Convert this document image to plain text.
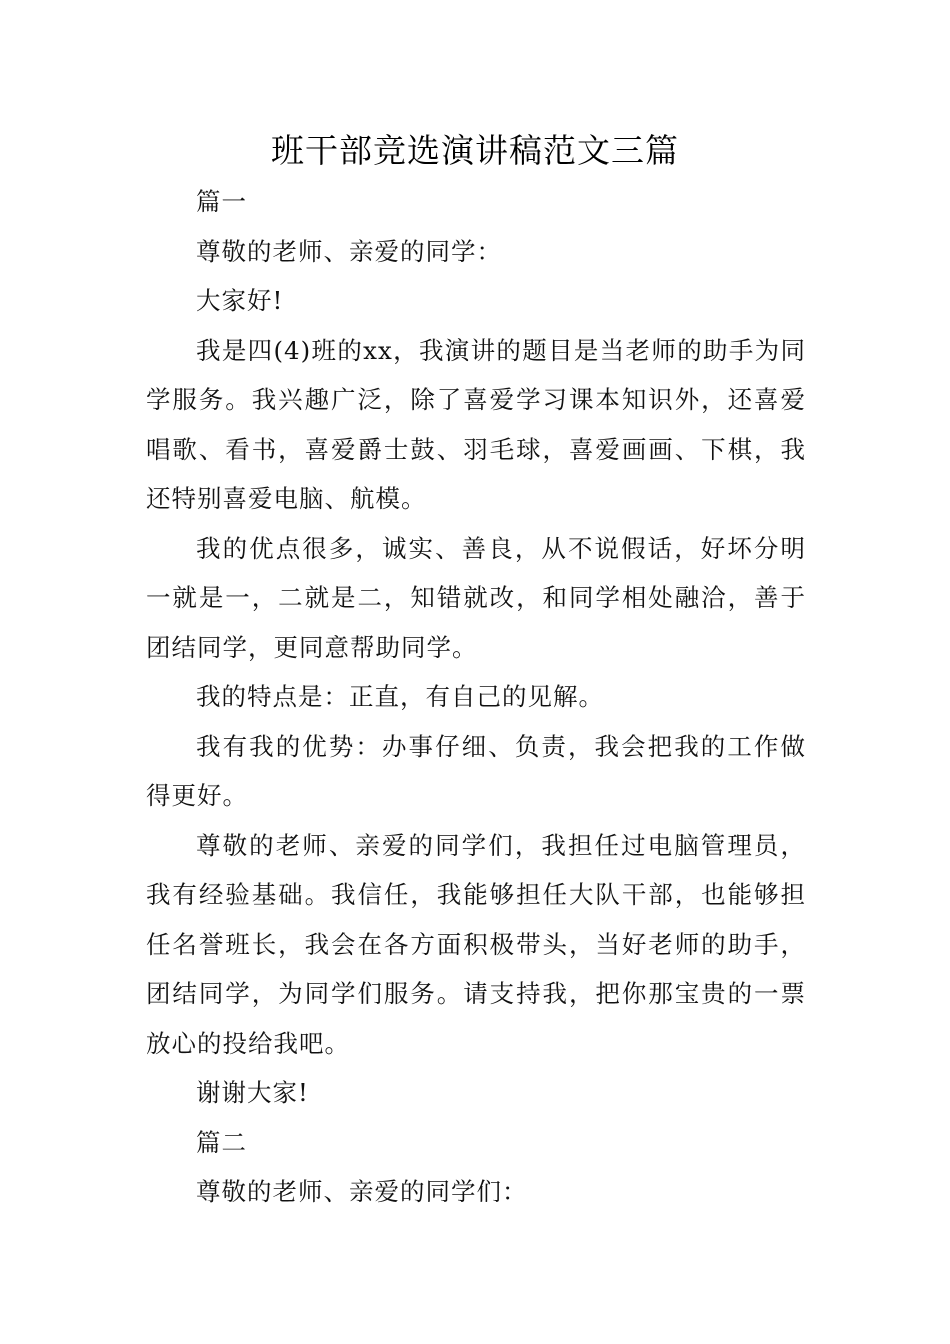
班干部竞选演讲稿范文三篇

篇一

尊敬的老师、亲爱的同学：

大家好!

我是四(4)班的xx，我演讲的题目是当老师的助手为同学服务。我兴趣广泛，除了喜爱学习课本知识外，还喜爱唱歌、看书，喜爱爵士鼓、羽毛球，喜爱画画、下棋，我还特别喜爱电脑、航模。

我的优点很多，诚实、善良，从不说假话，好坏分明一就是一，二就是二，知错就改，和同学相处融洽，善于团结同学，更同意帮助同学。

我的特点是：正直，有自己的见解。

我有我的优势：办事仔细、负责，我会把我的工作做得更好。

尊敬的老师、亲爱的同学们，我担任过电脑管理员，我有经验基础。我信任，我能够担任大队干部，也能够担任名誉班长，我会在各方面积极带头，当好老师的助手，团结同学，为同学们服务。请支持我，把你那宝贵的一票放心的投给我吧。

谢谢大家!

篇二

尊敬的老师、亲爱的同学们：
